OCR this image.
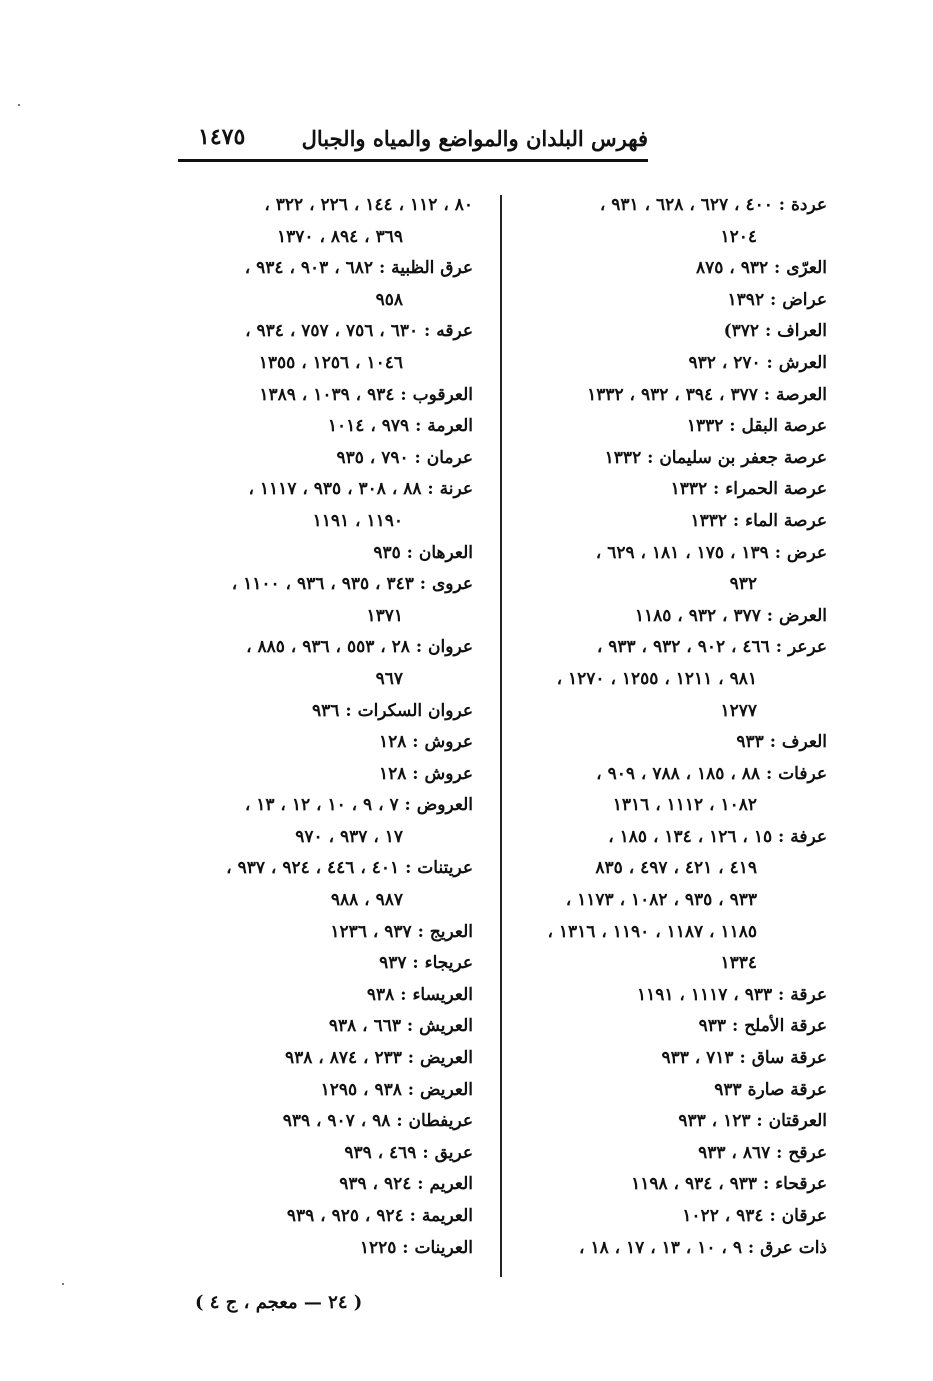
فهرس البلدان والمواضع والمياه والجبال
١٤٧٥
عردة : ٤٠٠ ، ٦٢٧ ، ٦٢٨ ، ٩٣١ ،
١٢٠٤
العرّى : ٩٣٢ ، ٨٧٥
عراض : ١٣٩٢
العراف : ٣٧٢)
العرش : ٢٧٠ ، ٩٣٢
العرصة : ٣٧٧ ، ٣٩٤ ، ٩٣٢ ، ١٣٣٢
عرصة البقل : ١٣٣٢
عرصة جعفر بن سليمان : ١٣٣٢
عرصة الحمراء : ١٣٣٢
عرصة الماء : ١٣٣٢
عرض : ١٣٩ ، ١٧٥ ، ١٨١ ، ٦٢٩ ،
٩٣٢
العرض : ٣٧٧ ، ٩٣٢ ، ١١٨٥
عرعر : ٤٦٦ ، ٩٠٢ ، ٩٣٢ ، ٩٣٣ ،
٩٨١ ، ١٢١١ ، ١٢٥٥ ، ١٢٧٠ ،
١٢٧٧
العرف : ٩٣٣
عرفات : ٨٨ ، ١٨٥ ، ٧٨٨ ، ٩٠٩ ،
١٠٨٢ ، ١١١٢ ، ١٣١٦
عرفة : ١٥ ، ١٢٦ ، ١٣٤ ، ١٨٥ ،
٤١٩ ، ٤٢١ ، ٤٩٧ ، ٨٣٥
٩٣٣ ، ٩٣٥ ، ١٠٨٢ ، ١١٧٣ ،
١١٨٥ ، ١١٨٧ ، ١١٩٠ ، ١٣١٦ ،
١٣٣٤
عرقة : ٩٣٣ ، ١١١٧ ، ١١٩١
عرقة الأملح : ٩٣٣
عرقة ساق : ٧١٣ ، ٩٣٣
عرقة صارة ٩٣٣
العرقتان : ١٢٣ ، ٩٣٣
عرقح : ٨٦٧ ، ٩٣٣
عرقحاء : ٩٣٣ ، ٩٣٤ ، ١١٩٨
عرقان : ٩٣٤ ، ١٠٢٢
ذات عرق : ٩ ، ١٠ ، ١٣ ، ١٧ ، ١٨ ،
٨٠ ، ١١٢ ، ١٤٤ ، ٢٢٦ ، ٣٢٢ ،
٣٦٩ ، ٨٩٤ ، ١٣٧٠
عرق الظبية : ٦٨٢ ، ٩٠٣ ، ٩٣٤ ،
٩٥٨
عرقه : ٦٣٠ ، ٧٥٦ ، ٧٥٧ ، ٩٣٤ ،
١٠٤٦ ، ١٢٥٦ ، ١٣٥٥
العرقوب : ٩٣٤ ، ١٠٣٩ ، ١٣٨٩
العرمة : ٩٧٩ ، ١٠١٤
عرمان : ٧٩٠ ، ٩٣٥
عرنة : ٨٨ ، ٣٠٨ ، ٩٣٥ ، ١١١٧ ،
١١٩٠ ، ١١٩١
العرهان : ٩٣٥
عروى : ٣٤٣ ، ٩٣٥ ، ٩٣٦ ، ١١٠٠ ،
١٣٧١
عروان : ٢٨ ، ٥٥٣ ، ٩٣٦ ، ٨٨٥ ،
٩٦٧
عروان السكرات : ٩٣٦
عروش : ١٢٨
عروش : ١٢٨
العروض : ٧ ، ٩ ، ١٠ ، ١٢ ، ١٣ ،
١٧ ، ٩٣٧ ، ٩٧٠
عريتنات : ٤٠١ ، ٤٤٦ ، ٩٢٤ ، ٩٣٧ ،
٩٨٧ ، ٩٨٨
العريج : ٩٣٧ ، ١٢٣٦
عريجاء : ٩٣٧
العريساء : ٩٣٨
العريش : ٦٦٣ ، ٩٣٨
العريض : ٢٣٣ ، ٨٧٤ ، ٩٣٨
العريض : ٩٣٨ ، ١٢٩٥
عريفطان : ٩٨ ، ٩٠٧ ، ٩٣٩
عريق : ٤٦٩ ، ٩٣٩
العريم : ٩٢٤ ، ٩٣٩
العريمة : ٩٢٤ ، ٩٢٥ ، ٩٣٩
العرينات : ١٢٢٥
( ٢٤ — معجم ، ج ٤ )
